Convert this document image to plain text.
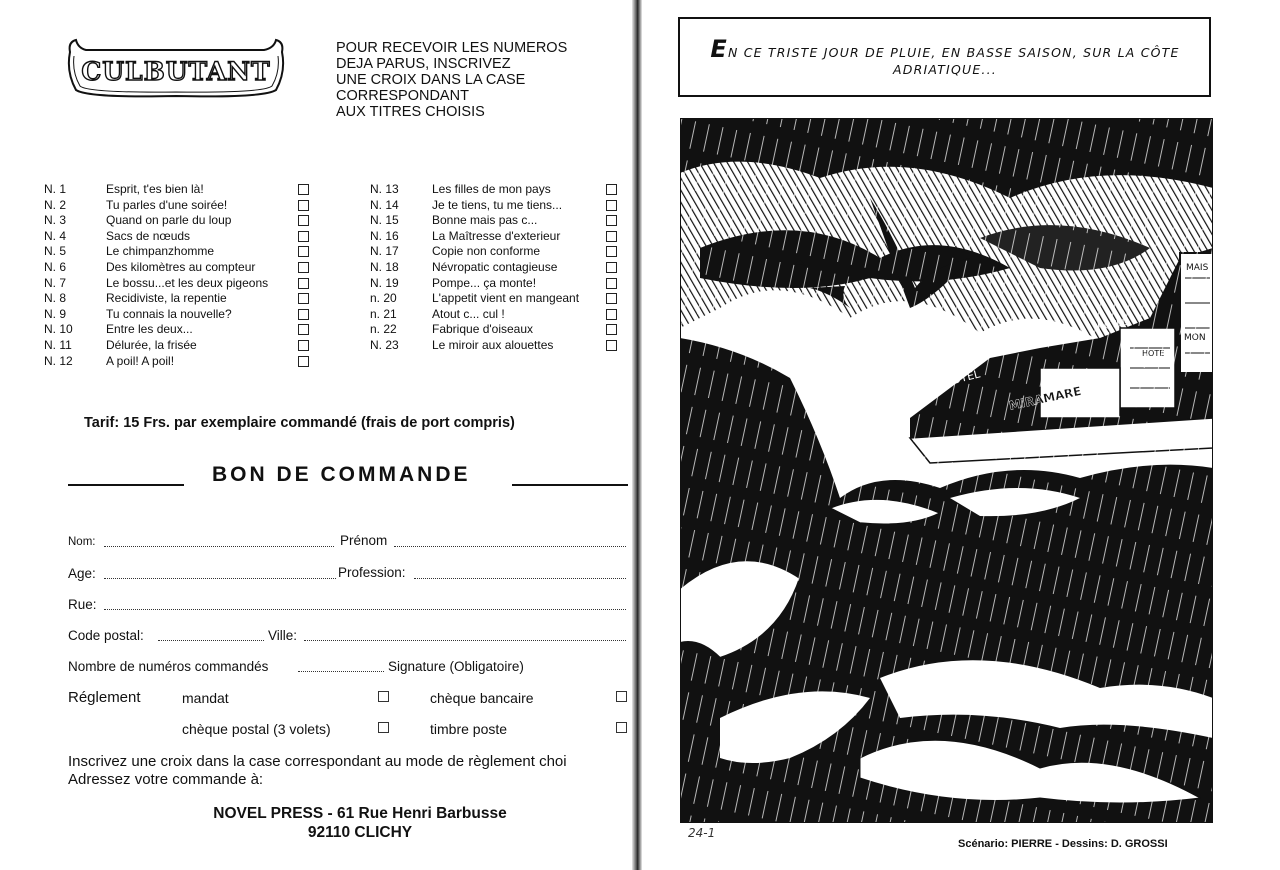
CULBUTANT
POUR RECEVOIR LES NUMEROS
DEJA PARUS, INSCRIVEZ
UNE CROIX DANS LA CASE
CORRESPONDANT
AUX TITRES CHOISIS
N. 1	Esprit, t'es bien là!
N. 2	Tu parles d'une soirée!
N. 3	Quand on parle du loup
N. 4	Sacs de nœuds
N. 5	Le chimpanzhomme
N. 6	Des kilomètres au compteur
N. 7	Le bossu...et les deux pigeons
N. 8	Recidiviste, la repentie
N. 9	Tu connais la nouvelle?
N. 10	Entre les deux...
N. 11	Délurée, la frisée
N. 12	A poil! A poil!
N. 13	Les filles de mon pays
N. 14	Je te tiens, tu me tiens...
N. 15	Bonne mais pas c...
N. 16	La Maîtresse d'exterieur
N. 17	Copie non conforme
N. 18	Névropatic contagieuse
N. 19	Pompe... ça monte!
n. 20	L'appetit vient en mangeant
n. 21	Atout c... cul !
n. 22	Fabrique d'oiseaux
N. 23	Le miroir aux alouettes
Tarif: 15 Frs. par exemplaire commandé (frais de port compris)
BON DE COMMANDE
Nom:	Prénom
Age:	Profession:
Rue:
Code postal:	Ville:
Nombre de numéros commandés	Signature (Obligatoire)
Réglement	mandat	chèque bancaire
chèque postal (3 volets)	timbre poste
Inscrivez une croix dans la case correspondant au mode de règlement choi
Adressez votre commande à:
NOVEL PRESS - 61 Rue Henri Barbusse
92110 CLICHY
EN CE TRISTE JOUR DE PLUIE, EN BASSE SAISON, SUR LA CÔTE ADRIATIQUE...
24-1
Scénario: PIERRE - Dessins: D. GROSSI
